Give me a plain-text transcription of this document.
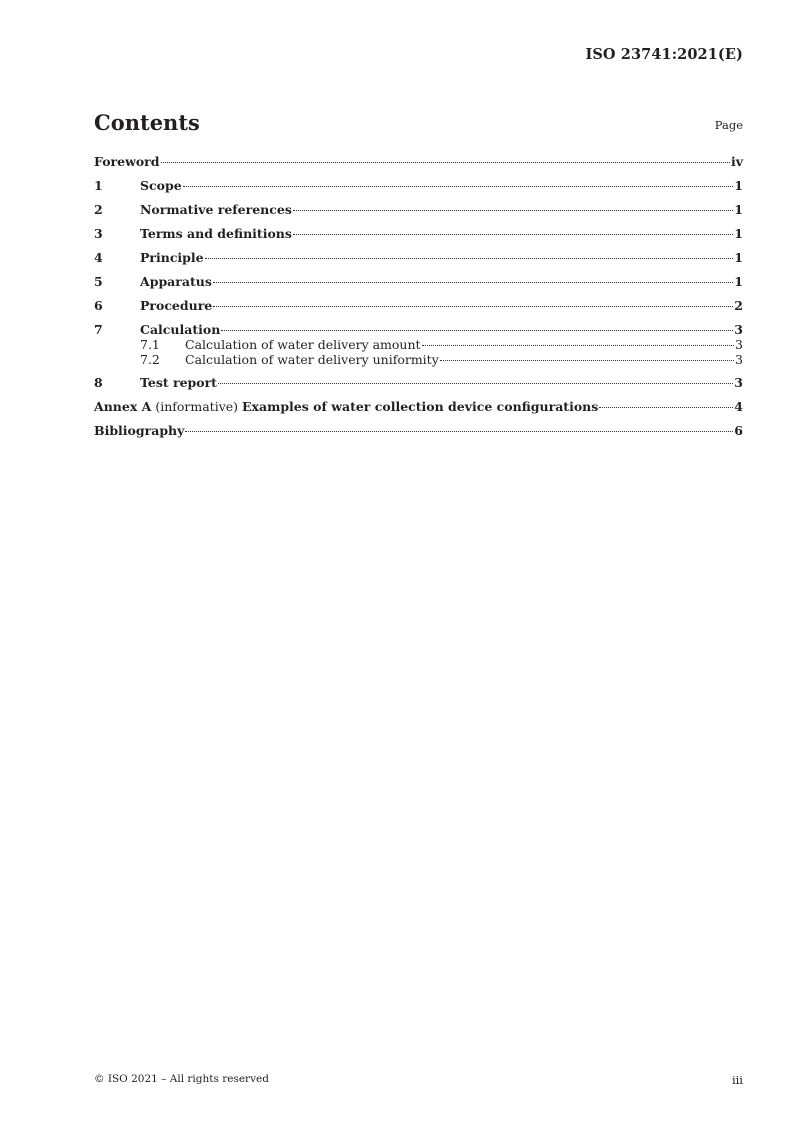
ISO 23741:2021(E)
Contents	Page
Foreword	iv
1	Scope	1
2	Normative references	1
3	Terms and definitions	1
4	Principle	1
5	Apparatus	1
6	Procedure	2
7	Calculation	3
7.1	Calculation of water delivery amount	3
7.2	Calculation of water delivery uniformity	3
8	Test report	3
Annex A (informative) Examples of water collection device configurations	4
Bibliography	6
© ISO 2021 – All rights reserved	iii
